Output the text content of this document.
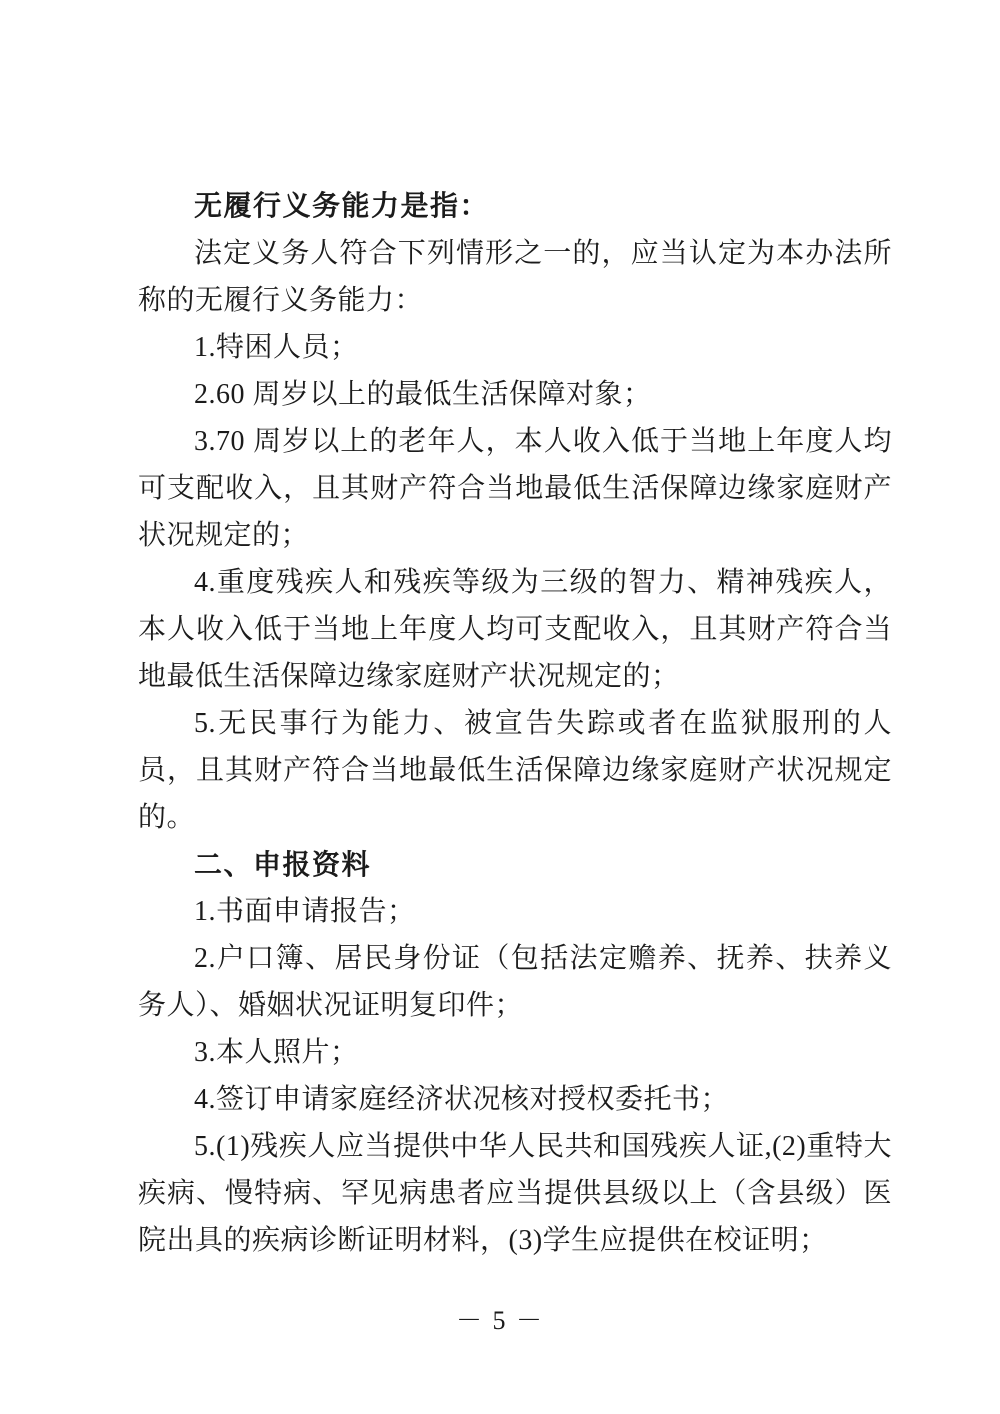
无履行义务能力是指：

法定义务人符合下列情形之一的，应当认定为本办法所称的无履行义务能力：

1.特困人员；

2.60 周岁以上的最低生活保障对象；

3.70 周岁以上的老年人，本人收入低于当地上年度人均可支配收入，且其财产符合当地最低生活保障边缘家庭财产状况规定的；

4.重度残疾人和残疾等级为三级的智力、精神残疾人，本人收入低于当地上年度人均可支配收入，且其财产符合当地最低生活保障边缘家庭财产状况规定的；

5.无民事行为能力、被宣告失踪或者在监狱服刑的人员，且其财产符合当地最低生活保障边缘家庭财产状况规定的。

二、申报资料

1.书面申请报告；

2.户口簿、居民身份证（包括法定赡养、抚养、扶养义务人）、婚姻状况证明复印件；

3.本人照片；

4.签订申请家庭经济状况核对授权委托书；

5.(1)残疾人应当提供中华人民共和国残疾人证,(2)重特大疾病、慢特病、罕见病患者应当提供县级以上（含县级）医院出具的疾病诊断证明材料，(3)学生应提供在校证明；

－ 5 －
